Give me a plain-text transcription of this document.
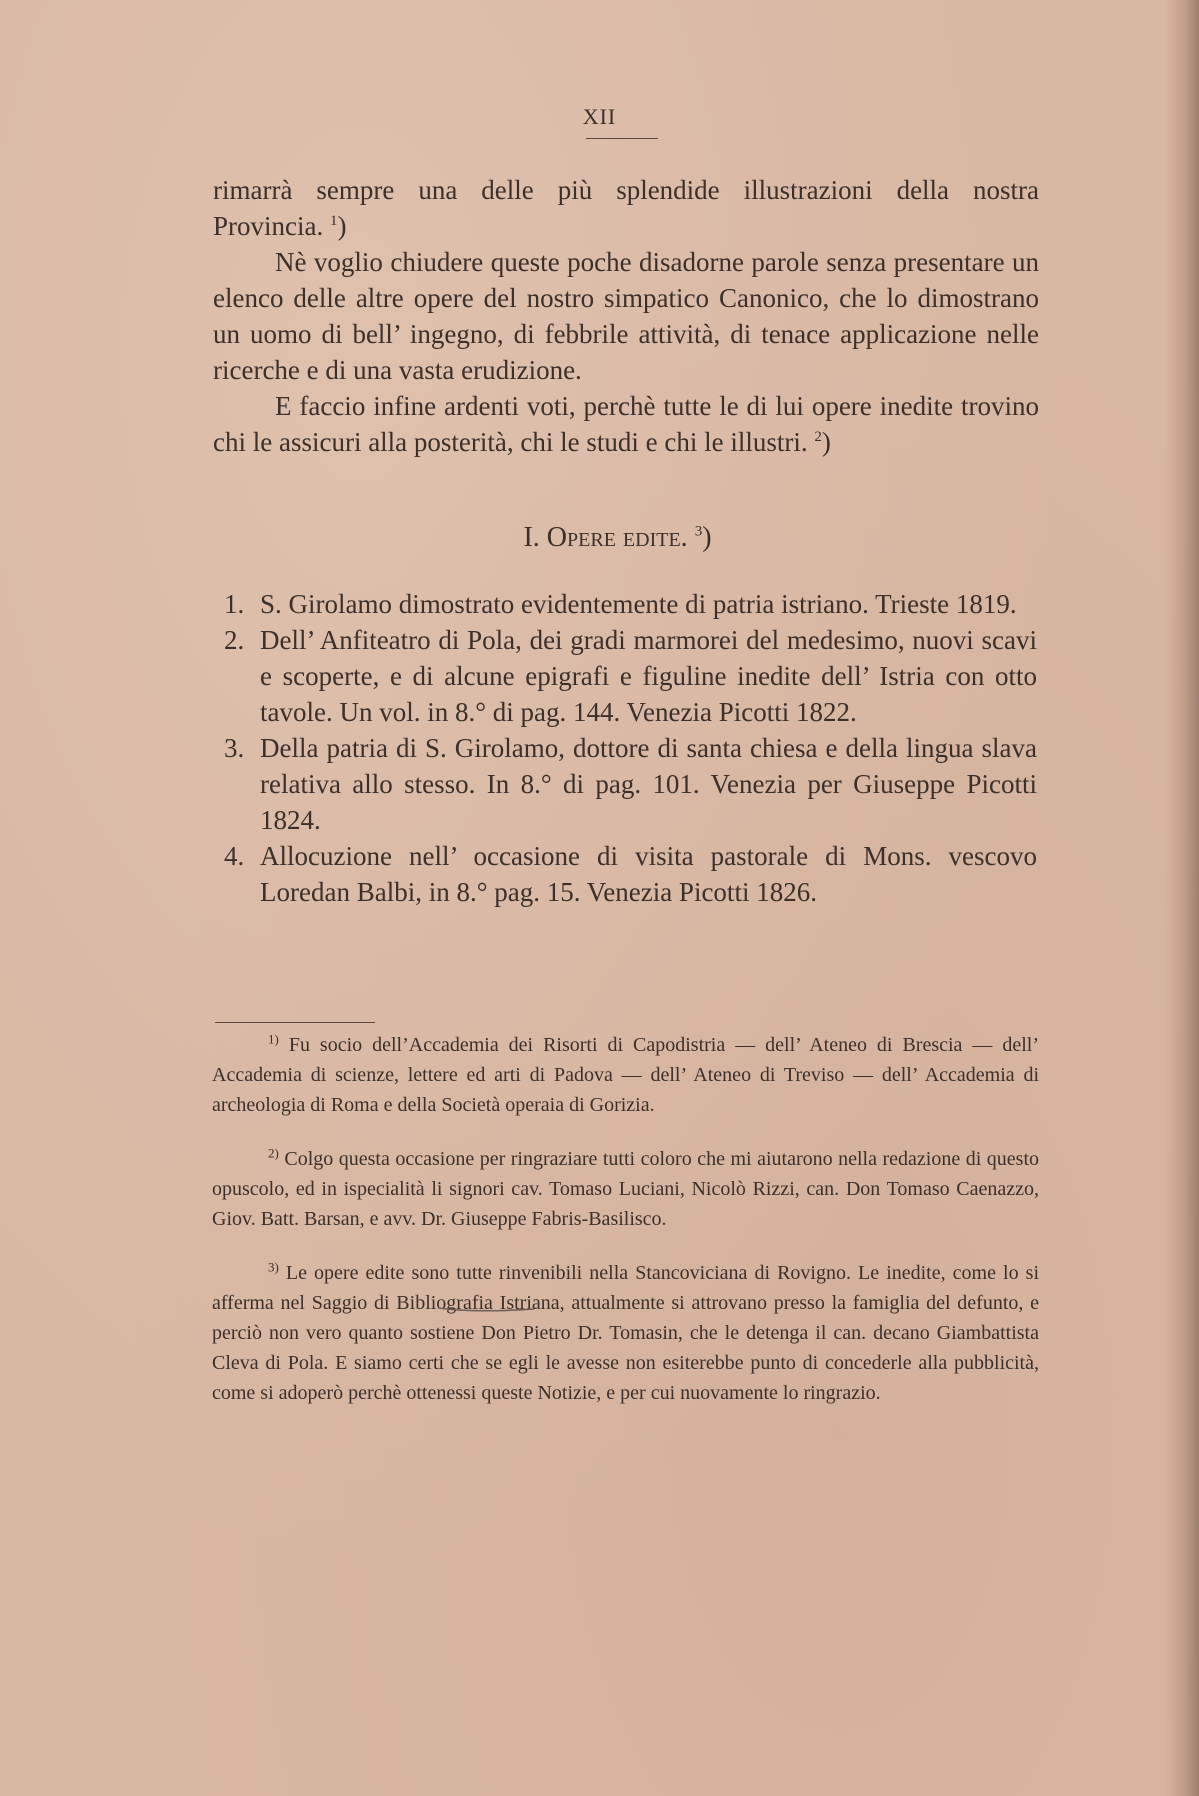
XII

rimarrà sempre una delle più splendide illustrazioni della nostra Provincia. $^1$)

Nè voglio chiudere queste poche disadorne parole senza presentare un elenco delle altre opere del nostro simpatico Canonico, che lo dimostrano un uomo di bell’ ingegno, di febbrile attività, di tenace applicazione nelle ricerche e di una vasta erudizione.

E faccio infine ardenti voti, perchè tutte le di lui opere inedite trovino chi le assicuri alla posterità, chi le studi e chi le illustri. $^2$)

I. Opere edite. $^3$)
1. S. Girolamo dimostrato evidentemente di patria istriano. Trieste 1819.
2. Dell’ Anfiteatro di Pola, dei gradi marmorei del medesimo, nuovi scavi e scoperte, e di alcune epigrafi e figuline inedite dell’ Istria con otto tavole. Un vol. in 8.° di pag. 144. Venezia Picotti 1822.
3. Della patria di S. Girolamo, dottore di santa chiesa e della lingua slava relativa allo stesso. In 8.° di pag. 101. Venezia per Giuseppe Picotti 1824.
4. Allocuzione nell’ occasione di visita pastorale di Mons. vescovo Loredan Balbi, in 8.° pag. 15. Venezia Picotti 1826.

$^{1)}$ Fu socio dell’Accademia dei Risorti di Capodistria — dell’ Ateneo di Brescia — dell’ Accademia di scienze, lettere ed arti di Padova — dell’ Ateneo di Treviso — dell’ Accademia di archeologia di Roma e della Società operaia di Gorizia.

$^{2)}$ Colgo questa occasione per ringraziare tutti coloro che mi aiutarono nella redazione di questo opuscolo, ed in ispecialità li signori cav. Tomaso Luciani, Nicolò Rizzi, can. Don Tomaso Caenazzo, Giov. Batt. Barsan, e avv. Dr. Giuseppe Fabris-Basilisco.

$^{3)}$ Le opere edite sono tutte rinvenibili nella Stancoviciana di Rovigno. Le inedite, come lo si afferma nel Saggio di Bibliografia Istriana, attualmente si attrovano presso la famiglia del defunto, e perciò non vero quanto sostiene Don Pietro Dr. Tomasin, che le detenga il can. decano Giambattista Cleva di Pola. E siamo certi che se egli le avesse non esiterebbe punto di concederle alla pubblicità, come si adoperò perchè ottenessi queste Notizie, e per cui nuovamente lo ringrazio.
